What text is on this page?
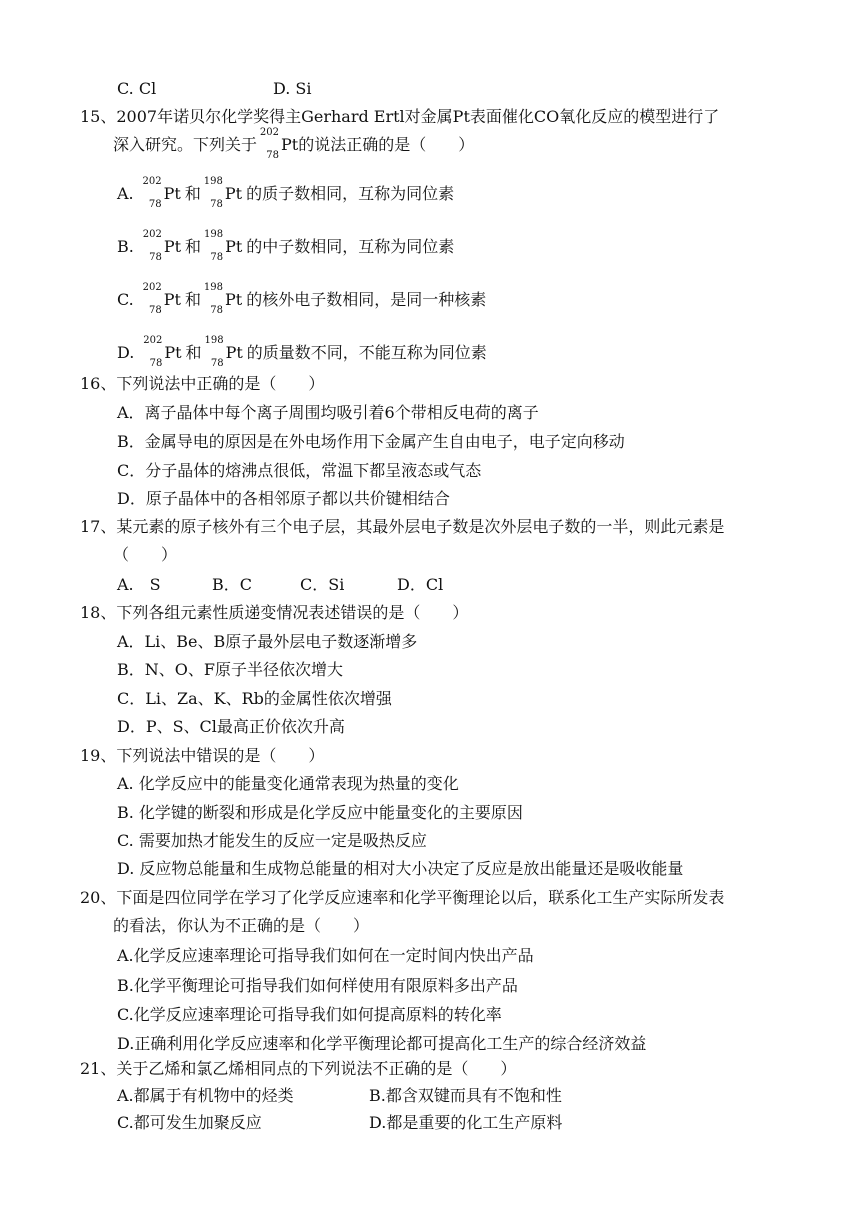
C. Cl	D. Si
15、2007年诺贝尔化学奖得主Gerhard Ertl对金属Pt表面催化CO氧化反应的模型进行了
深入研究。下列关于
202
78
Pt的说法正确的是（　　）
A.
202
78
Pt 和
198
78
Pt 的质子数相同，互称为同位素
B.
202
78
Pt 和
198
78
Pt 的中子数相同，互称为同位素
C.
202
78
Pt 和
198
78
Pt 的核外电子数相同，是同一种核素
D.
202
78
Pt 和
198
78
Pt 的质量数不同，不能互称为同位素
16、下列说法中正确的是（　　）
A．离子晶体中每个离子周围均吸引着6个带相反电荷的离子
B．金属导电的原因是在外电场作用下金属产生自由电子，电子定向移动
C．分子晶体的熔沸点很低，常温下都呈液态或气态
D．原子晶体中的各相邻原子都以共价键相结合
17、某元素的原子核外有三个电子层，其最外层电子数是次外层电子数的一半，则此元素是
（　　）
A.　S	B．C	C．Si	D．Cl
18、下列各组元素性质递变情况表述错误的是（　　）
A．Li、Be、B原子最外层电子数逐渐增多
B．N、O、F原子半径依次增大
C．Li、Za、K、Rb的金属性依次增强
D．P、S、Cl最高正价依次升高
19、下列说法中错误的是（　　）
A. 化学反应中的能量变化通常表现为热量的变化
B. 化学键的断裂和形成是化学反应中能量变化的主要原因
C. 需要加热才能发生的反应一定是吸热反应
D. 反应物总能量和生成物总能量的相对大小决定了反应是放出能量还是吸收能量
20、下面是四位同学在学习了化学反应速率和化学平衡理论以后，联系化工生产实际所发表
的看法，你认为不正确的是（　　）
A.化学反应速率理论可指导我们如何在一定时间内快出产品
B.化学平衡理论可指导我们如何样使用有限原料多出产品
C.化学反应速率理论可指导我们如何提高原料的转化率
D.正确利用化学反应速率和化学平衡理论都可提高化工生产的综合经济效益
21、关于乙烯和氯乙烯相同点的下列说法不正确的是（　　）
A.都属于有机物中的烃类	B.都含双键而具有不饱和性
C.都可发生加聚反应	D.都是重要的化工生产原料
